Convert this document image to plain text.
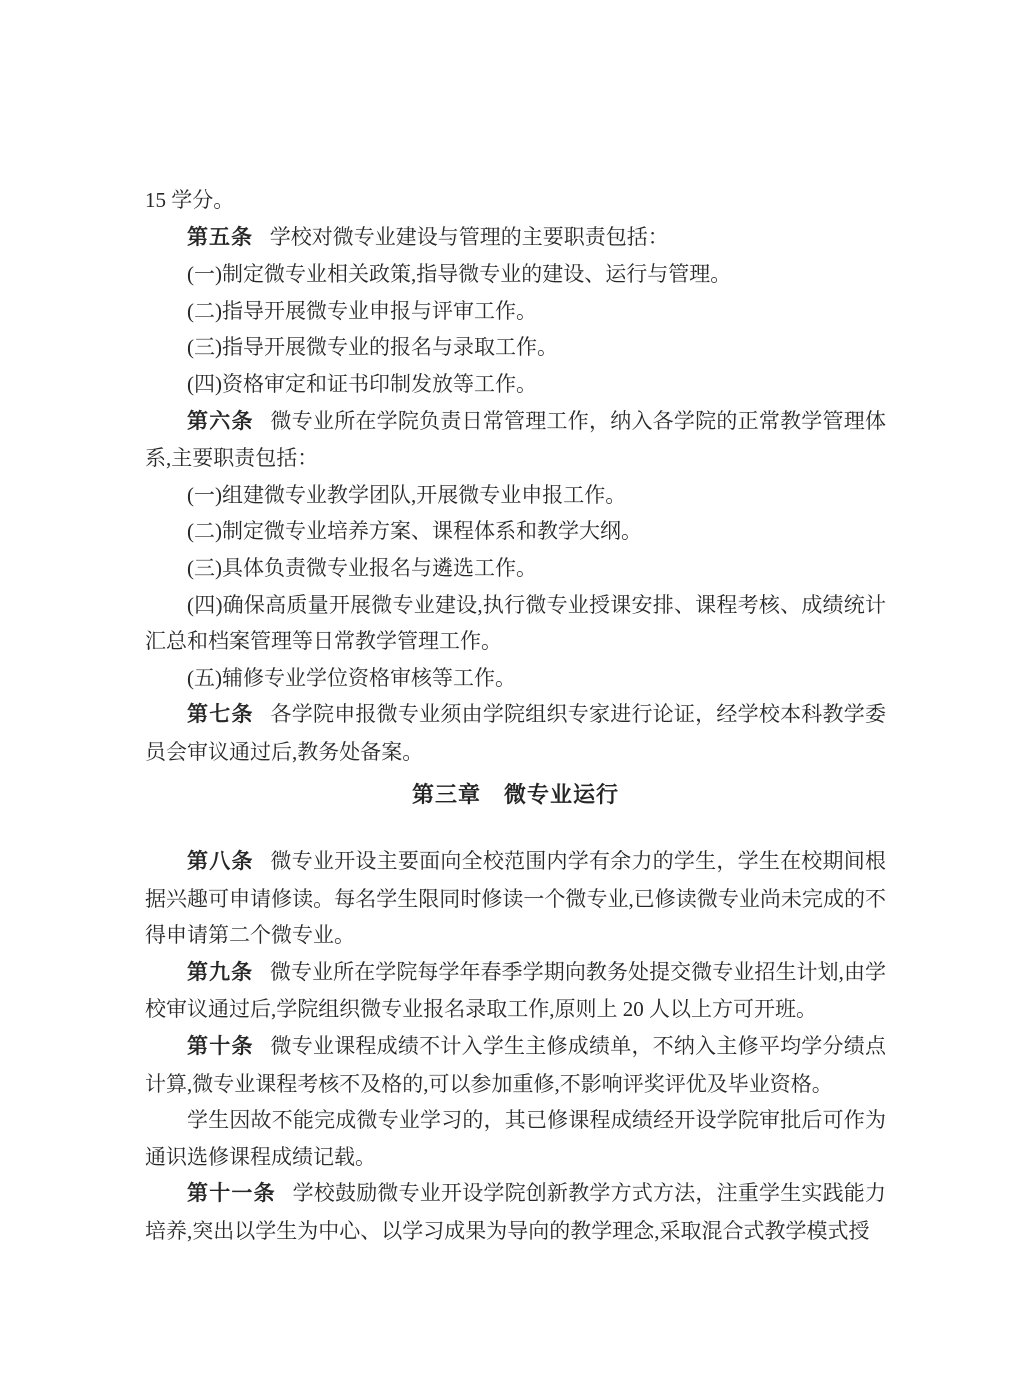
15 学分。

第五条 学校对微专业建设与管理的主要职责包括：

(一)制定微专业相关政策,指导微专业的建设、运行与管理。

(二)指导开展微专业申报与评审工作。

(三)指导开展微专业的报名与录取工作。

(四)资格审定和证书印制发放等工作。

第六条 微专业所在学院负责日常管理工作，纳入各学院的正常教学管理体系,主要职责包括：

(一)组建微专业教学团队,开展微专业申报工作。

(二)制定微专业培养方案、课程体系和教学大纲。

(三)具体负责微专业报名与遴选工作。

(四)确保高质量开展微专业建设,执行微专业授课安排、课程考核、成绩统计汇总和档案管理等日常教学管理工作。

(五)辅修专业学位资格审核等工作。

第七条 各学院申报微专业须由学院组织专家进行论证，经学校本科教学委员会审议通过后,教务处备案。

第三章　微专业运行

第八条 微专业开设主要面向全校范围内学有余力的学生，学生在校期间根据兴趣可申请修读。每名学生限同时修读一个微专业,已修读微专业尚未完成的不得申请第二个微专业。

第九条 微专业所在学院每学年春季学期向教务处提交微专业招生计划,由学校审议通过后,学院组织微专业报名录取工作,原则上 20 人以上方可开班。

第十条 微专业课程成绩不计入学生主修成绩单，不纳入主修平均学分绩点计算,微专业课程考核不及格的,可以参加重修,不影响评奖评优及毕业资格。

学生因故不能完成微专业学习的，其已修课程成绩经开设学院审批后可作为通识选修课程成绩记载。

第十一条 学校鼓励微专业开设学院创新教学方式方法，注重学生实践能力培养,突出以学生为中心、以学习成果为导向的教学理念,采取混合式教学模式授
